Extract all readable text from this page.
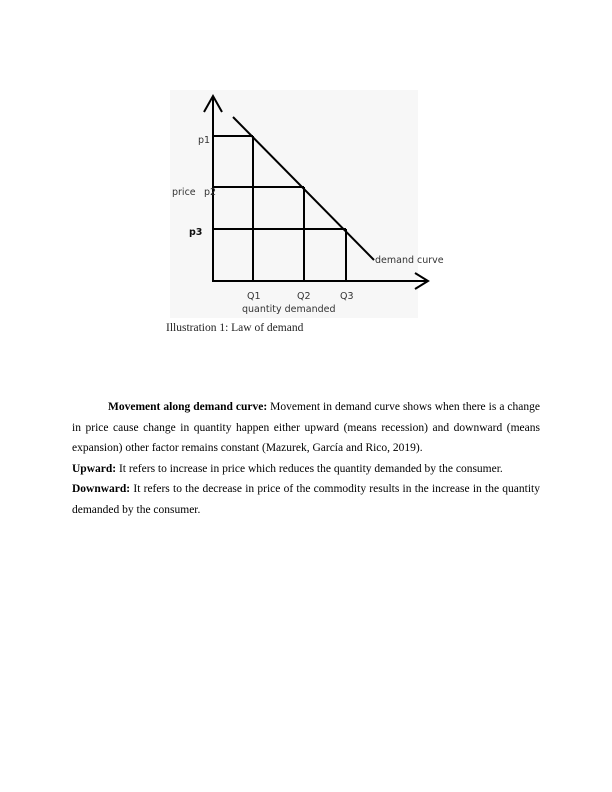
p1
price p2
p3
Q1	Q2	Q3
quantity demanded
demand curve
Illustration 1: Law of demand

Movement along demand curve: Movement in demand curve shows when there is a change in price cause change in quantity happen either upward (means recession) and downward (means expansion) other factor remains constant (Mazurek, García and Rico, 2019).

Upward: It refers to increase in price which reduces the quantity demanded by the consumer.

Downward: It refers to the decrease in price of the commodity results in the increase in the quantity demanded by the consumer.
